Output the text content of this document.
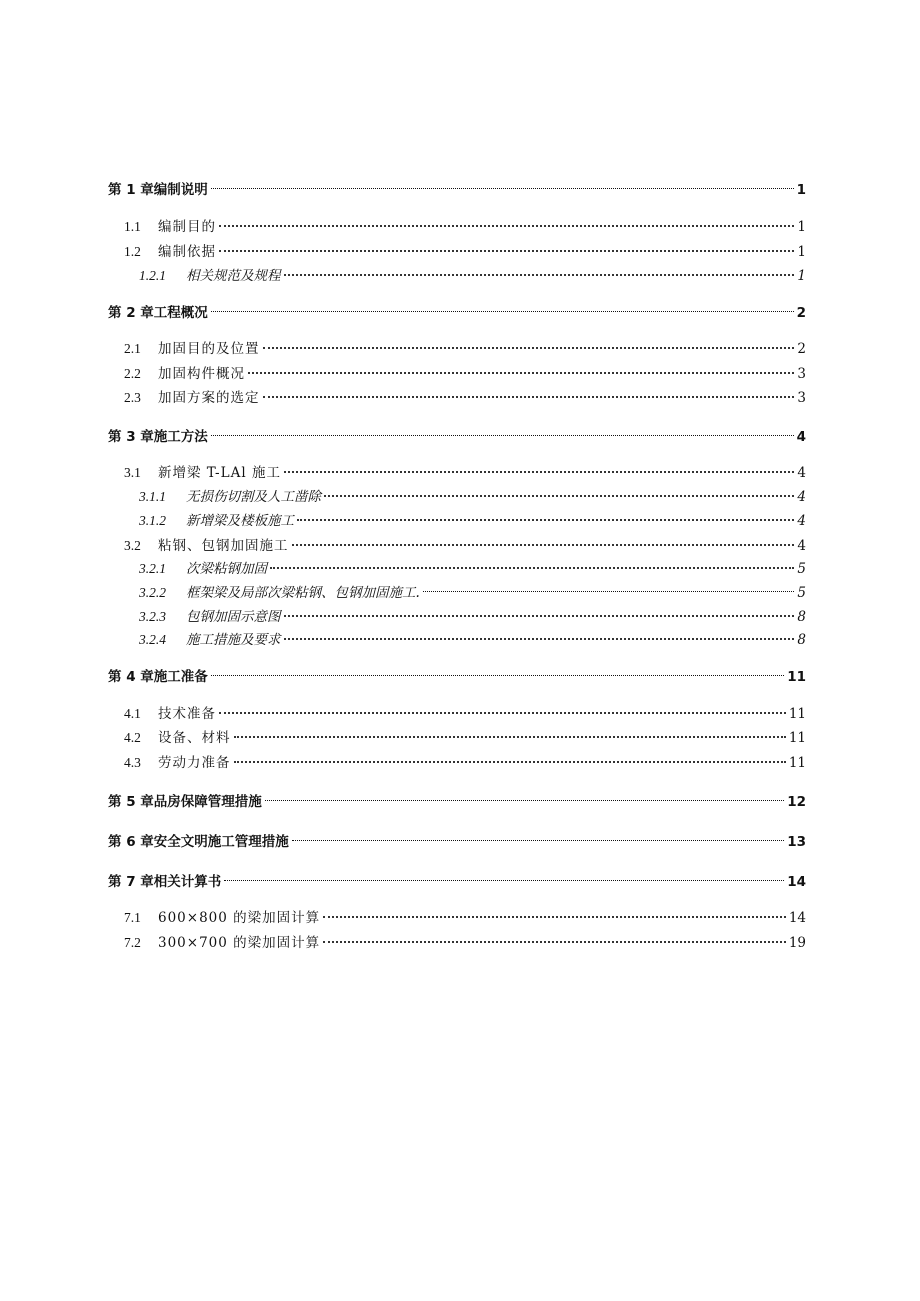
第 1 章编制说明	1
1.1	编制目的	1
1.2	编制依据	1
1.2.1	相关规范及规程	1
第 2 章工程概况	2
2.1	加固目的及位置	2
2.2	加固构件概况	3
2.3	加固方案的选定	3
第 3 章施工方法	4
3.1	新增梁 T-LAl 施工	4
3.1.1	无损伤切割及人工凿除	4
3.1.2	新增梁及楼板施工	4
3.2	粘钢、包钢加固施工	4
3.2.1	次梁粘钢加固	5
3.2.2	框架梁及局部次梁粘钢、包钢加固施工.	5
3.2.3	包钢加固示意图	8
3.2.4	施工措施及要求	8
第 4 章施工准备	11
4.1	技术准备	11
4.2	设备、材料	11
4.3	劳动力准备	11
第 5 章品房保障管理措施	12
第 6 章安全文明施工管理措施	13
第 7 章相关计算书	14
7.1	600×800 的梁加固计算	14
7.2	300×700 的梁加固计算	19
